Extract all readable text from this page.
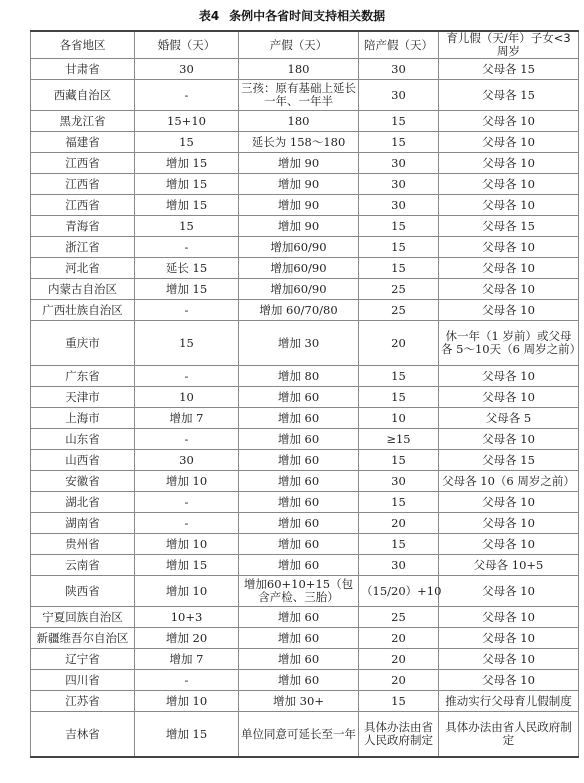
表4 条例中各省时间支持相关数据
各省地区	婚假（天）	产假（天）	陪产假（天）	育儿假（天/年）子女<3周岁
甘肃省	30	180	30	父母各 15
西藏自治区	-	三孩：原有基础上延长一年、一年半	30	父母各 15
黑龙江省	15+10	180	15	父母各 10
福建省	15	延长为 158～180	15	父母各 10
江西省	增加 15	增加 90	30	父母各 10
江西省	增加 15	增加 90	30	父母各 10
江西省	增加 15	增加 90	30	父母各 10
青海省	15	增加 90	15	父母各 15
浙江省	-	增加60/90	15	父母各 10
河北省	延长 15	增加60/90	15	父母各 10
内蒙古自治区	增加 15	增加60/90	25	父母各 10
广西壮族自治区	-	增加 60/70/80	25	父母各 10
重庆市	15	增加 30	20	休一年（1 岁前）或父母各 5～10天（6 周岁之前）
广东省	-	增加 80	15	父母各 10
天津市	10	增加 60	15	父母各 10
上海市	增加 7	增加 60	10	父母各 5
山东省	-	增加 60	≥15	父母各 10
山西省	30	增加 60	15	父母各 15
安徽省	增加 10	增加 60	30	父母各 10（6 周岁之前）
湖北省	-	增加 60	15	父母各 10
湖南省	-	增加 60	20	父母各 10
贵州省	增加 10	增加 60	15	父母各 10
云南省	增加 15	增加 60	30	父母各 10+5
陕西省	增加 10	增加60+10+15（包含产检、三胎）	（15/20）+10	父母各 10
宁夏回族自治区	10+3	增加 60	25	父母各 10
新疆维吾尔自治区	增加 20	增加 60	20	父母各 10
辽宁省	增加 7	增加 60	20	父母各 10
四川省	-	增加 60	20	父母各 10
江苏省	增加 10	增加 30+	15	推动实行父母育儿假制度
吉林省	增加 15	单位同意可延长至一年	具体办法由省人民政府制定	具体办法由省人民政府制定
